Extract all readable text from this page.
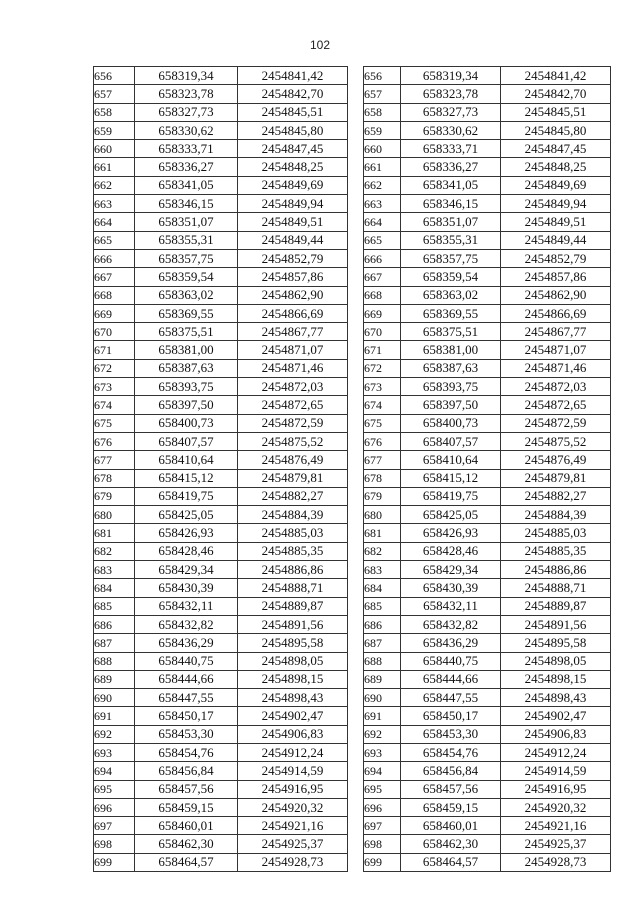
102
656	658319,34	2454841,42
657	658323,78	2454842,70
658	658327,73	2454845,51
659	658330,62	2454845,80
660	658333,71	2454847,45
661	658336,27	2454848,25
662	658341,05	2454849,69
663	658346,15	2454849,94
664	658351,07	2454849,51
665	658355,31	2454849,44
666	658357,75	2454852,79
667	658359,54	2454857,86
668	658363,02	2454862,90
669	658369,55	2454866,69
670	658375,51	2454867,77
671	658381,00	2454871,07
672	658387,63	2454871,46
673	658393,75	2454872,03
674	658397,50	2454872,65
675	658400,73	2454872,59
676	658407,57	2454875,52
677	658410,64	2454876,49
678	658415,12	2454879,81
679	658419,75	2454882,27
680	658425,05	2454884,39
681	658426,93	2454885,03
682	658428,46	2454885,35
683	658429,34	2454886,86
684	658430,39	2454888,71
685	658432,11	2454889,87
686	658432,82	2454891,56
687	658436,29	2454895,58
688	658440,75	2454898,05
689	658444,66	2454898,15
690	658447,55	2454898,43
691	658450,17	2454902,47
692	658453,30	2454906,83
693	658454,76	2454912,24
694	658456,84	2454914,59
695	658457,56	2454916,95
696	658459,15	2454920,32
697	658460,01	2454921,16
698	658462,30	2454925,37
699	658464,57	2454928,73
656	658319,34	2454841,42
657	658323,78	2454842,70
658	658327,73	2454845,51
659	658330,62	2454845,80
660	658333,71	2454847,45
661	658336,27	2454848,25
662	658341,05	2454849,69
663	658346,15	2454849,94
664	658351,07	2454849,51
665	658355,31	2454849,44
666	658357,75	2454852,79
667	658359,54	2454857,86
668	658363,02	2454862,90
669	658369,55	2454866,69
670	658375,51	2454867,77
671	658381,00	2454871,07
672	658387,63	2454871,46
673	658393,75	2454872,03
674	658397,50	2454872,65
675	658400,73	2454872,59
676	658407,57	2454875,52
677	658410,64	2454876,49
678	658415,12	2454879,81
679	658419,75	2454882,27
680	658425,05	2454884,39
681	658426,93	2454885,03
682	658428,46	2454885,35
683	658429,34	2454886,86
684	658430,39	2454888,71
685	658432,11	2454889,87
686	658432,82	2454891,56
687	658436,29	2454895,58
688	658440,75	2454898,05
689	658444,66	2454898,15
690	658447,55	2454898,43
691	658450,17	2454902,47
692	658453,30	2454906,83
693	658454,76	2454912,24
694	658456,84	2454914,59
695	658457,56	2454916,95
696	658459,15	2454920,32
697	658460,01	2454921,16
698	658462,30	2454925,37
699	658464,57	2454928,73
